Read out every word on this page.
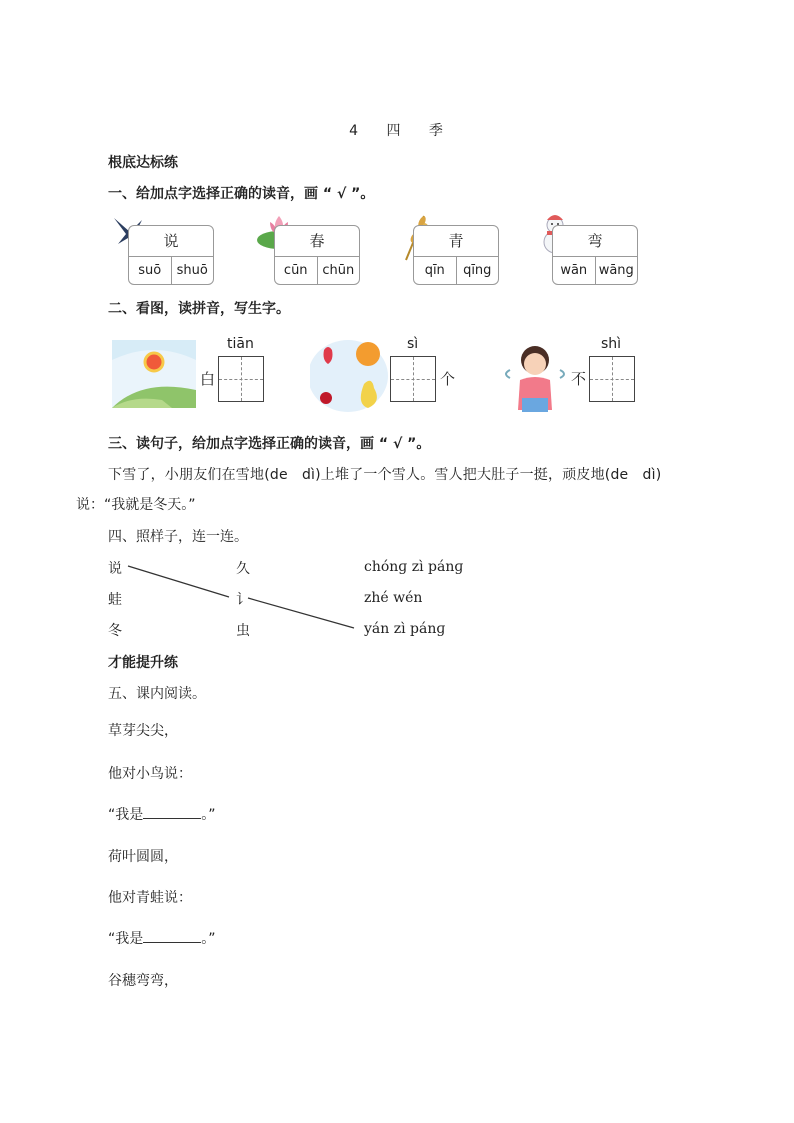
4 四 季
根底达标练
一、给加点字选择正确的读音，画 “ √ ”。
说
suō	shuō
春
cūn	chūn
青
qīn	qīng
弯
wān wāng
二、看图，读拼音，写生字。
tiān
白
sì
个
shì
不
三、读句子，给加点字选择正确的读音，画 “ √ ”。
下雪了，小朋友们在雪地(de　dì)上堆了一个雪人。雪人把大肚子一挺，顽皮地(de　dì)
说：“我就是冬天。”
四、照样子，连一连。
说
蛙
冬
久
讠
虫
chónɡ zì pánɡ
zhé wén
yán zì pánɡ
才能提升练
五、课内阅读。
草芽尖尖，
他对小鸟说：
“我是	。”
荷叶圆圆，
他对青蛙说：
“我是	。”
谷穗弯弯，
